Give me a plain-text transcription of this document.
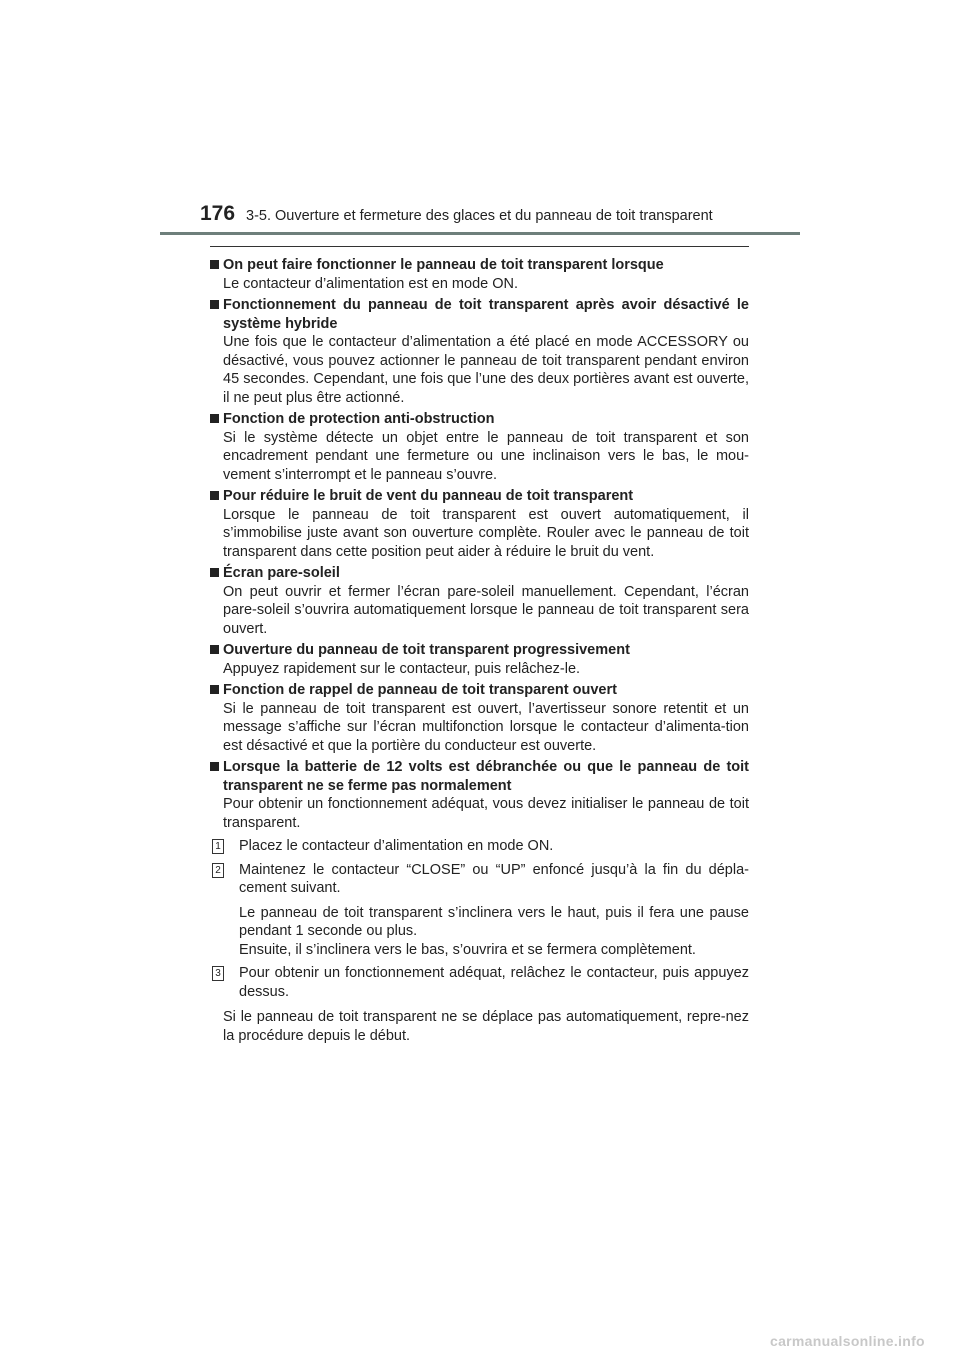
176 3-5. Ouverture et fermeture des glaces et du panneau de toit transparent
On peut faire fonctionner le panneau de toit transparent lorsque
Le contacteur d’alimentation est en mode ON.
Fonctionnement du panneau de toit transparent après avoir désactivé le système hybride
Une fois que le contacteur d’alimentation a été placé en mode ACCESSORY ou désactivé, vous pouvez actionner le panneau de toit transparent pendant environ 45 secondes. Cependant, une fois que l’une des deux portières avant est ouverte, il ne peut plus être actionné.
Fonction de protection anti-obstruction
Si le système détecte un objet entre le panneau de toit transparent et son encadrement pendant une fermeture ou une inclinaison vers le bas, le mou-vement s’interrompt et le panneau s’ouvre.
Pour réduire le bruit de vent du panneau de toit transparent
Lorsque le panneau de toit transparent est ouvert automatiquement, il s’immobilise juste avant son ouverture complète. Rouler avec le panneau de toit transparent dans cette position peut aider à réduire le bruit du vent.
Écran pare-soleil
On peut ouvrir et fermer l’écran pare-soleil manuellement. Cependant, l’écran pare-soleil s’ouvrira automatiquement lorsque le panneau de toit transparent sera ouvert.
Ouverture du panneau de toit transparent progressivement
Appuyez rapidement sur le contacteur, puis relâchez-le.
Fonction de rappel de panneau de toit transparent ouvert
Si le panneau de toit transparent est ouvert, l’avertisseur sonore retentit et un message s’affiche sur l’écran multifonction lorsque le contacteur d’alimenta-tion est désactivé et que la portière du conducteur est ouverte.
Lorsque la batterie de 12 volts est débranchée ou que le panneau de toit transparent ne se ferme pas normalement
Pour obtenir un fonctionnement adéquat, vous devez initialiser le panneau de toit transparent.
1 Placez le contacteur d’alimentation en mode ON.
2 Maintenez le contacteur “CLOSE” ou “UP” enfoncé jusqu’à la fin du dépla-cement suivant.
Le panneau de toit transparent s’inclinera vers le haut, puis il fera une pause pendant 1 seconde ou plus.
Ensuite, il s’inclinera vers le bas, s’ouvrira et se fermera complètement.
3 Pour obtenir un fonctionnement adéquat, relâchez le contacteur, puis appuyez dessus.
Si le panneau de toit transparent ne se déplace pas automatiquement, repre-nez la procédure depuis le début.
carmanualsonline.info
